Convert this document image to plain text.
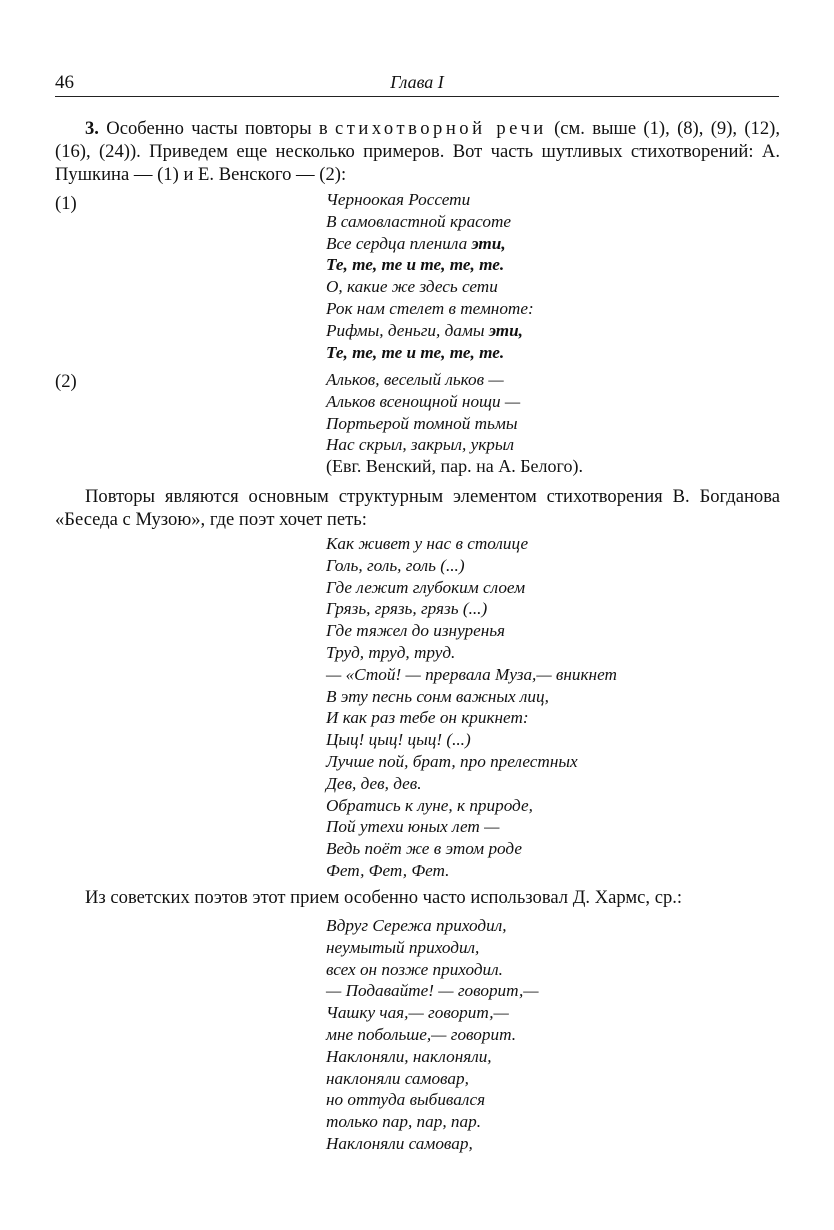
46	Глава I
3. Особенно часты повторы в стихотворной речи (см. выше (1), (8), (9), (12), (16), (24)). Приведем еще несколько примеров. Вот часть шутливых стихотворений: А. Пушкина — (1) и Е. Венского — (2):
(1)	Черноокая Россети
В самовластной красоте
Все сердца пленила эти,
Те, те, те и те, те, те.
О, какие же здесь сети
Рок нам стелет в темноте:
Рифмы, деньги, дамы эти,
Те, те, те и те, те, те.
(2)	Альков, веселый льков —
Альков всенощной нощи —
Портьерой томной тьмы
Нас скрыл, закрыл, укрыл
(Евг. Венский, пар. на А. Белого).
Повторы являются основным структурным элементом стихотворения В. Богданова «Беседа с Музою», где поэт хочет петь:
Как живет у нас в столице
Голь, голь, голь (...)
Где лежит глубоким слоем
Грязь, грязь, грязь (...)
Где тяжел до изнуренья
Труд, труд, труд.
— «Стой! — прервала Муза,— вникнет
В эту песнь сонм важных лиц,
И как раз тебе он крикнет:
Цыц! цыц! цыц! (...)
Лучше пой, брат, про прелестных
Дев, дев, дев.
Обратись к луне, к природе,
Пой утехи юных лет —
Ведь поёт же в этом роде
Фет, Фет, Фет.
Из советских поэтов этот прием особенно часто использовал Д. Хармс, ср.:
Вдруг Сережа приходил,
неумытый приходил,
всех он позже приходил.
— Подавайте! — говорит,—
Чашку чая,— говорит,—
мне побольше,— говорит.
Наклоняли, наклоняли,
наклоняли самовар,
но оттуда выбивался
только пар, пар, пар.
Наклоняли самовар,
